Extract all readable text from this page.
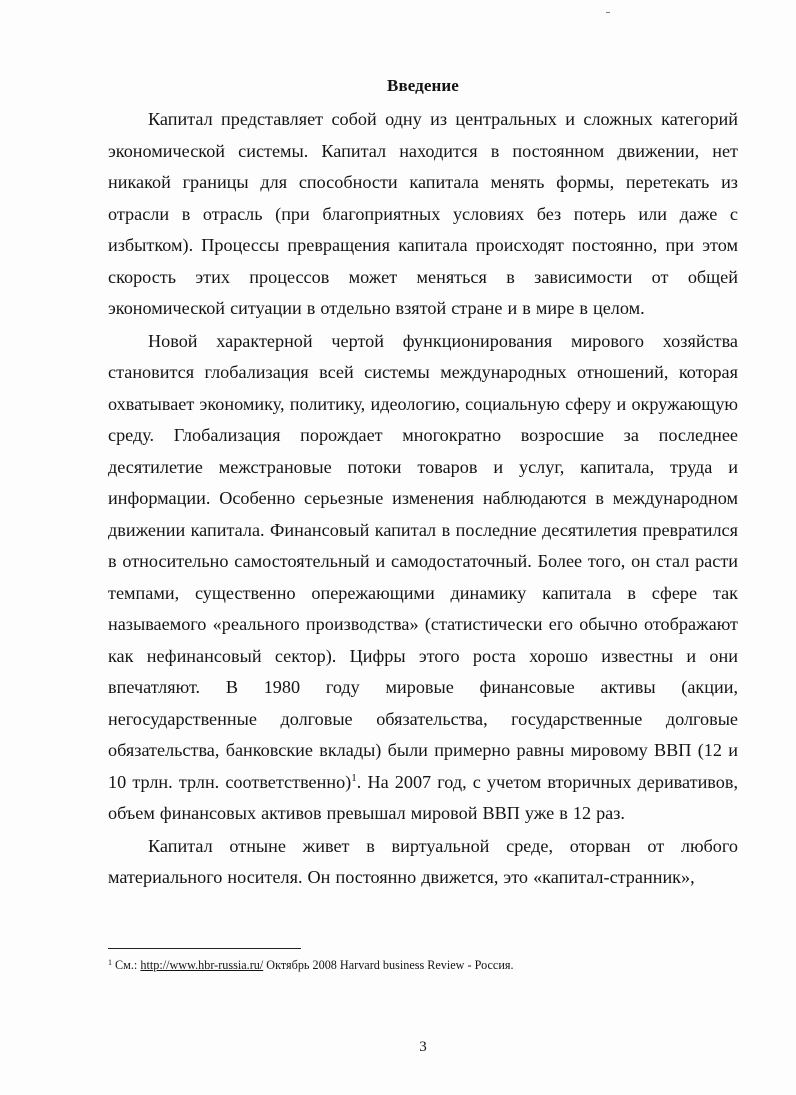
Введение

Капитал представляет собой одну из центральных и сложных категорий экономической системы. Капитал находится в постоянном движении, нет никакой границы для способности капитала менять формы, перетекать из отрасли в отрасль (при благоприятных условиях без потерь или даже с избытком). Процессы превращения капитала происходят постоянно, при этом скорость этих процессов может меняться в зависимости от общей экономической ситуации в отдельно взятой стране и в мире в целом.

Новой характерной чертой функционирования мирового хозяйства становится глобализация всей системы международных отношений, которая охватывает экономику, политику, идеологию, социальную сферу и окружающую среду. Глобализация порождает многократно возросшие за последнее десятилетие межстрановые потоки товаров и услуг, капитала, труда и информации. Особенно серьезные изменения наблюдаются в международном движении капитала. Финансовый капитал в последние десятилетия превратился в относительно самостоятельный и самодостаточный. Более того, он стал расти темпами, существенно опережающими динамику капитала в сфере так называемого «реального производства» (статистически его обычно отображают как нефинансовый сектор). Цифры этого роста хорошо известны и они впечатляют. В 1980 году мировые финансовые активы (акции, негосударственные долговые обязательства, государственные долговые обязательства, банковские вклады) были примерно равны мировому ВВП (12 и 10 трлн. трлн. соответственно)$^1$. На 2007 год, с учетом вторичных деривативов, объем финансовых активов превышал мировой ВВП уже в 12 раз.

Капитал отныне живет в виртуальной среде, оторван от любого материального носителя. Он постоянно движется, это «капитал-странник»,

$^1$ См.: http://www.hbr-russia.ru/ Октябрь 2008 Harvard business Review - Россия.
3
